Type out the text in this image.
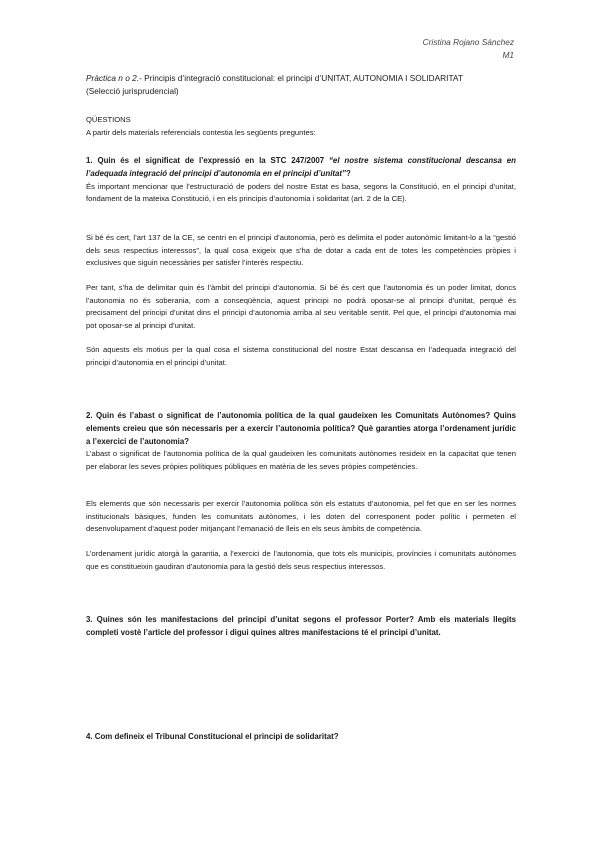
Cristina Rojano Sánchez
M1
Pràctica n o 2.- Principis d’integració constitucional: el principi d’UNITAT, AUTONOMIA I SOLIDARITAT
(Selecció jurisprudencial)

QÜESTIONS

A partir dels materials referencials contestia les següents preguntes:

1. Quin és el significat de l’expressió en la STC 247/2007 “el nostre sistema constitucional descansa en l’adequada integració del principi d’autonomia en el principi d’unitat”?

És important mencionar que l’estructuració de poders del nostre Estat es basa, segons la Constitució, en el principi d’unitat, fondament de la mateixa Constitució, i en els principis d’autonomia i solidaritat (art. 2 de la CE).

Si bé és cert, l’art 137 de la CE, se centri en el principi d’autonomia, però es delimita el poder autonòmic limitant-lo a la “gestió dels seus respectius interessos”, la qual cosa exigeix que s’ha de dotar a cada ent de totes les competències pròpies i exclusives que siguin necessàries per satisfer l’interès respectiu.

Per tant, s’ha de delimitar quin és l’àmbit del principi d’autonomia. Si bé és cert que l’autonomia és un poder limitat, doncs l’autonomia no és soberania, com a conseqüència, aquest principi no podrà oposar-se al principi d’unitat, perquè és precisament del principi d’unitat dins el principi d’autonomia arriba al seu veritable sentit. Pel que, el principi d’autonomia mai pot oposar-se al principi d’unitat.

Són aquests els motius per la qual cosa el sistema constitucional del nostre Estat descansa en l’adequada integració del principi d’autonomia en el principi d’unitat.

2. Quin és l’abast o significat de l’autonomia política de la qual gaudeixen les Comunitats Autònomes? Quins elements creieu que són necessaris per a exercir l’autonomia política? Què garanties atorga l’ordenament jurídic a l’exercici de l’autonomia?

L’abast o significat de l’autonomia política de la qual gaudeixen les comunitats autònomes resideix en la capacitat que tenen per elaborar les seves pròpies polítiques públiques en matèria de les seves pròpies competències.

Els elements que són necessaris per exercir l’autonomia política són els estatuts d’autonomia, pel fet que en ser les normes institucionals bàsiques, funden les comunitats autònomes, i les doten del corresponent poder polític i permeten el desenvolupament d’aquest poder mitjançant l’emanació de lleis en els seus àmbits de competència.

L’ordenament jurídic atorgà la garantia, a l’exercici de l’autonomia, que tots els municipis, províncies i comunitats autònomes que es constitueixin gaudiran d’autonomia para la gestió dels seus respectius interessos.

3. Quines són les manifestacions del principi d’unitat segons el professor Porter? Amb els materials llegits completi vostè l’article del professor i digui quines altres manifestacions té el principi d’unitat.

4. Com defineix el Tribunal Constitucional el principi de solidaritat?
